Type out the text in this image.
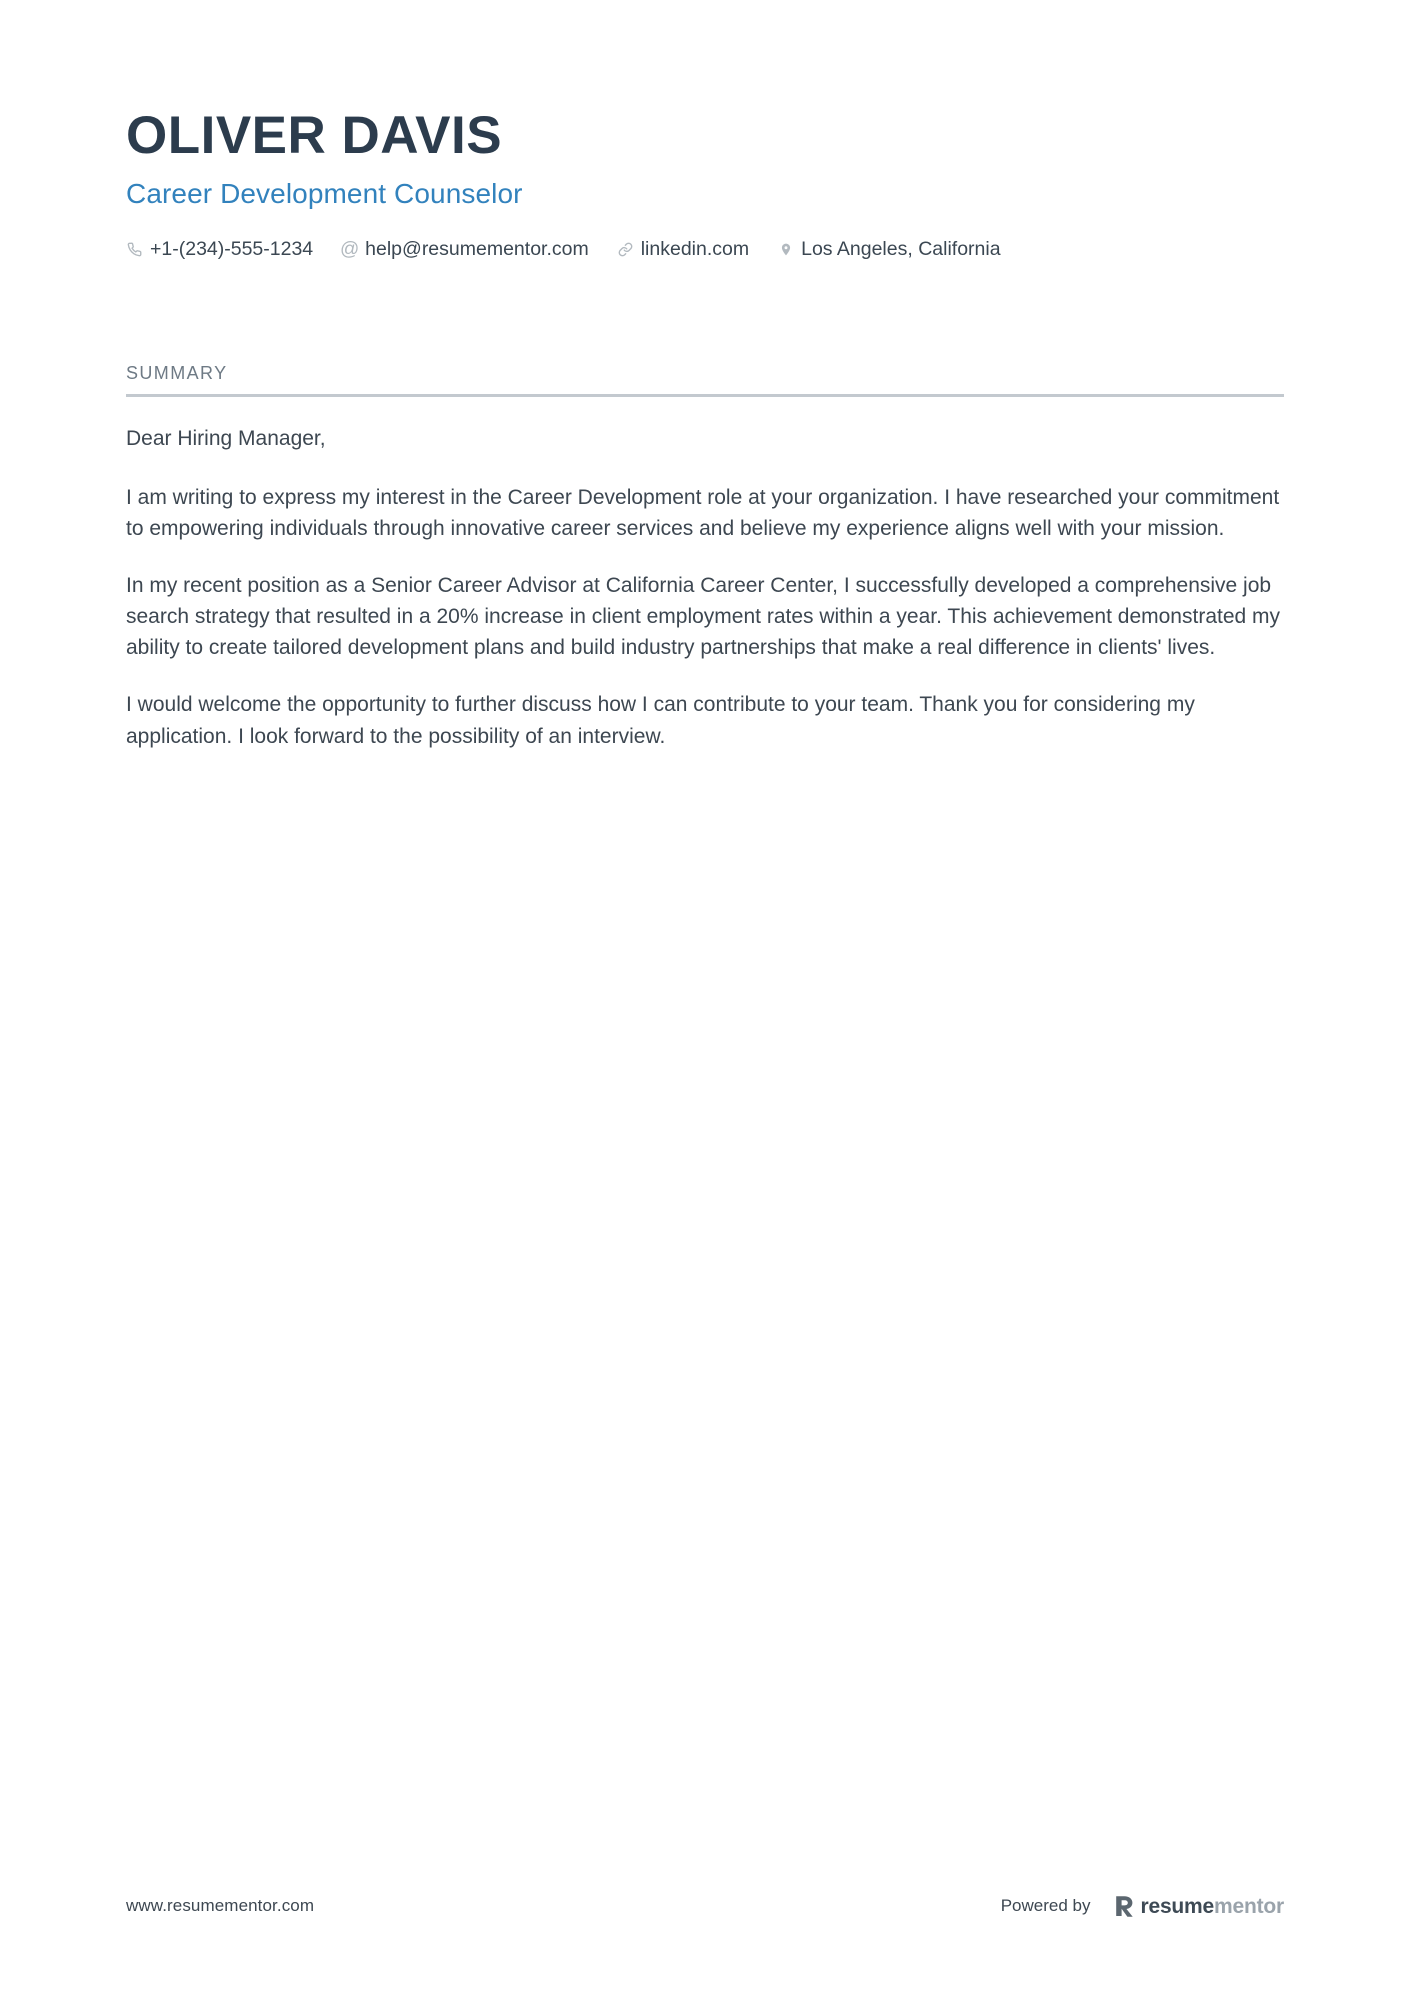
OLIVER DAVIS
Career Development Counselor
+1-(234)-555-1234 @ help@resumementor.com	linkedin.com	Los Angeles, California
SUMMARY

Dear Hiring Manager,

I am writing to express my interest in the Career Development role at your organization. I have researched your commitment to empowering individuals through innovative career services and believe my experience aligns well with your mission.

In my recent position as a Senior Career Advisor at California Career Center, I successfully developed a comprehensive job search strategy that resulted in a 20% increase in client employment rates within a year. This achievement demonstrated my ability to create tailored development plans and build industry partnerships that make a real difference in clients' lives.

I would welcome the opportunity to further discuss how I can contribute to your team. Thank you for considering my application. I look forward to the possibility of an interview.

www.resumementor.com	Powered by resumementor
